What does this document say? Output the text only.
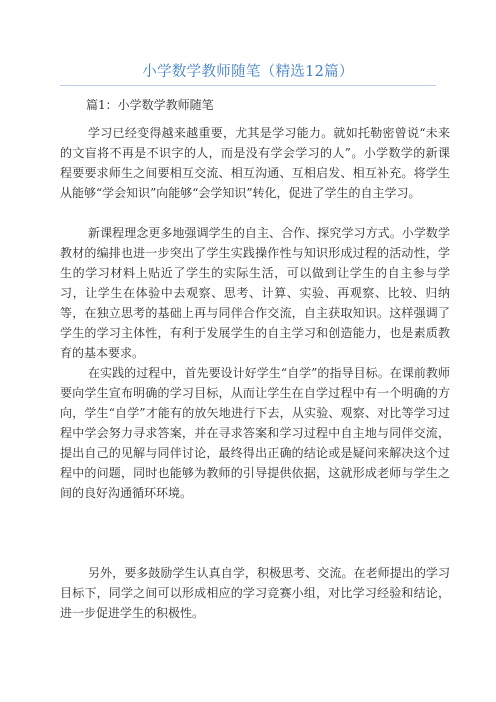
小学数学教师随笔（精选12篇）
篇1：小学数学教师随笔

学习已经变得越来越重要，尤其是学习能力。就如托勒密曾说“未来的文盲将不再是不识字的人，而是没有学会学习的人”。小学数学的新课程要要求师生之间要相互交流、相互沟通、互相启发、相互补充。将学生从能够“学会知识”向能够“会学知识”转化，促进了学生的自主学习。

新课程理念更多地强调学生的自主、合作、探究学习方式。小学数学教材的编排也进一步突出了学生实践操作性与知识形成过程的活动性，学生的学习材料上贴近了学生的实际生活，可以做到让学生的自主参与学习，让学生在体验中去观察、思考、计算、实验、再观察、比较、归纳等，在独立思考的基础上再与同伴合作交流，自主获取知识。这样强调了学生的学习主体性，有利于发展学生的自主学习和创造能力，也是素质教育的基本要求。

在实践的过程中，首先要设计好学生“自学”的指导目标。在课前教师要向学生宣布明确的学习目标，从而让学生在自学过程中有一个明确的方向，学生“自学”才能有的放矢地进行下去，从实验、观察、对比等学习过程中学会努力寻求答案，并在寻求答案和学习过程中自主地与同伴交流，提出自己的见解与同伴讨论，最终得出正确的结论或是疑问来解决这个过程中的问题，同时也能够为教师的引导提供依据，这就形成老师与学生之间的良好沟通循环环境。

另外，要多鼓励学生认真自学，积极思考、交流。在老师提出的学习目标下，同学之间可以形成相应的学习竞赛小组，对比学习经验和结论，进一步促进学生的积极性。
